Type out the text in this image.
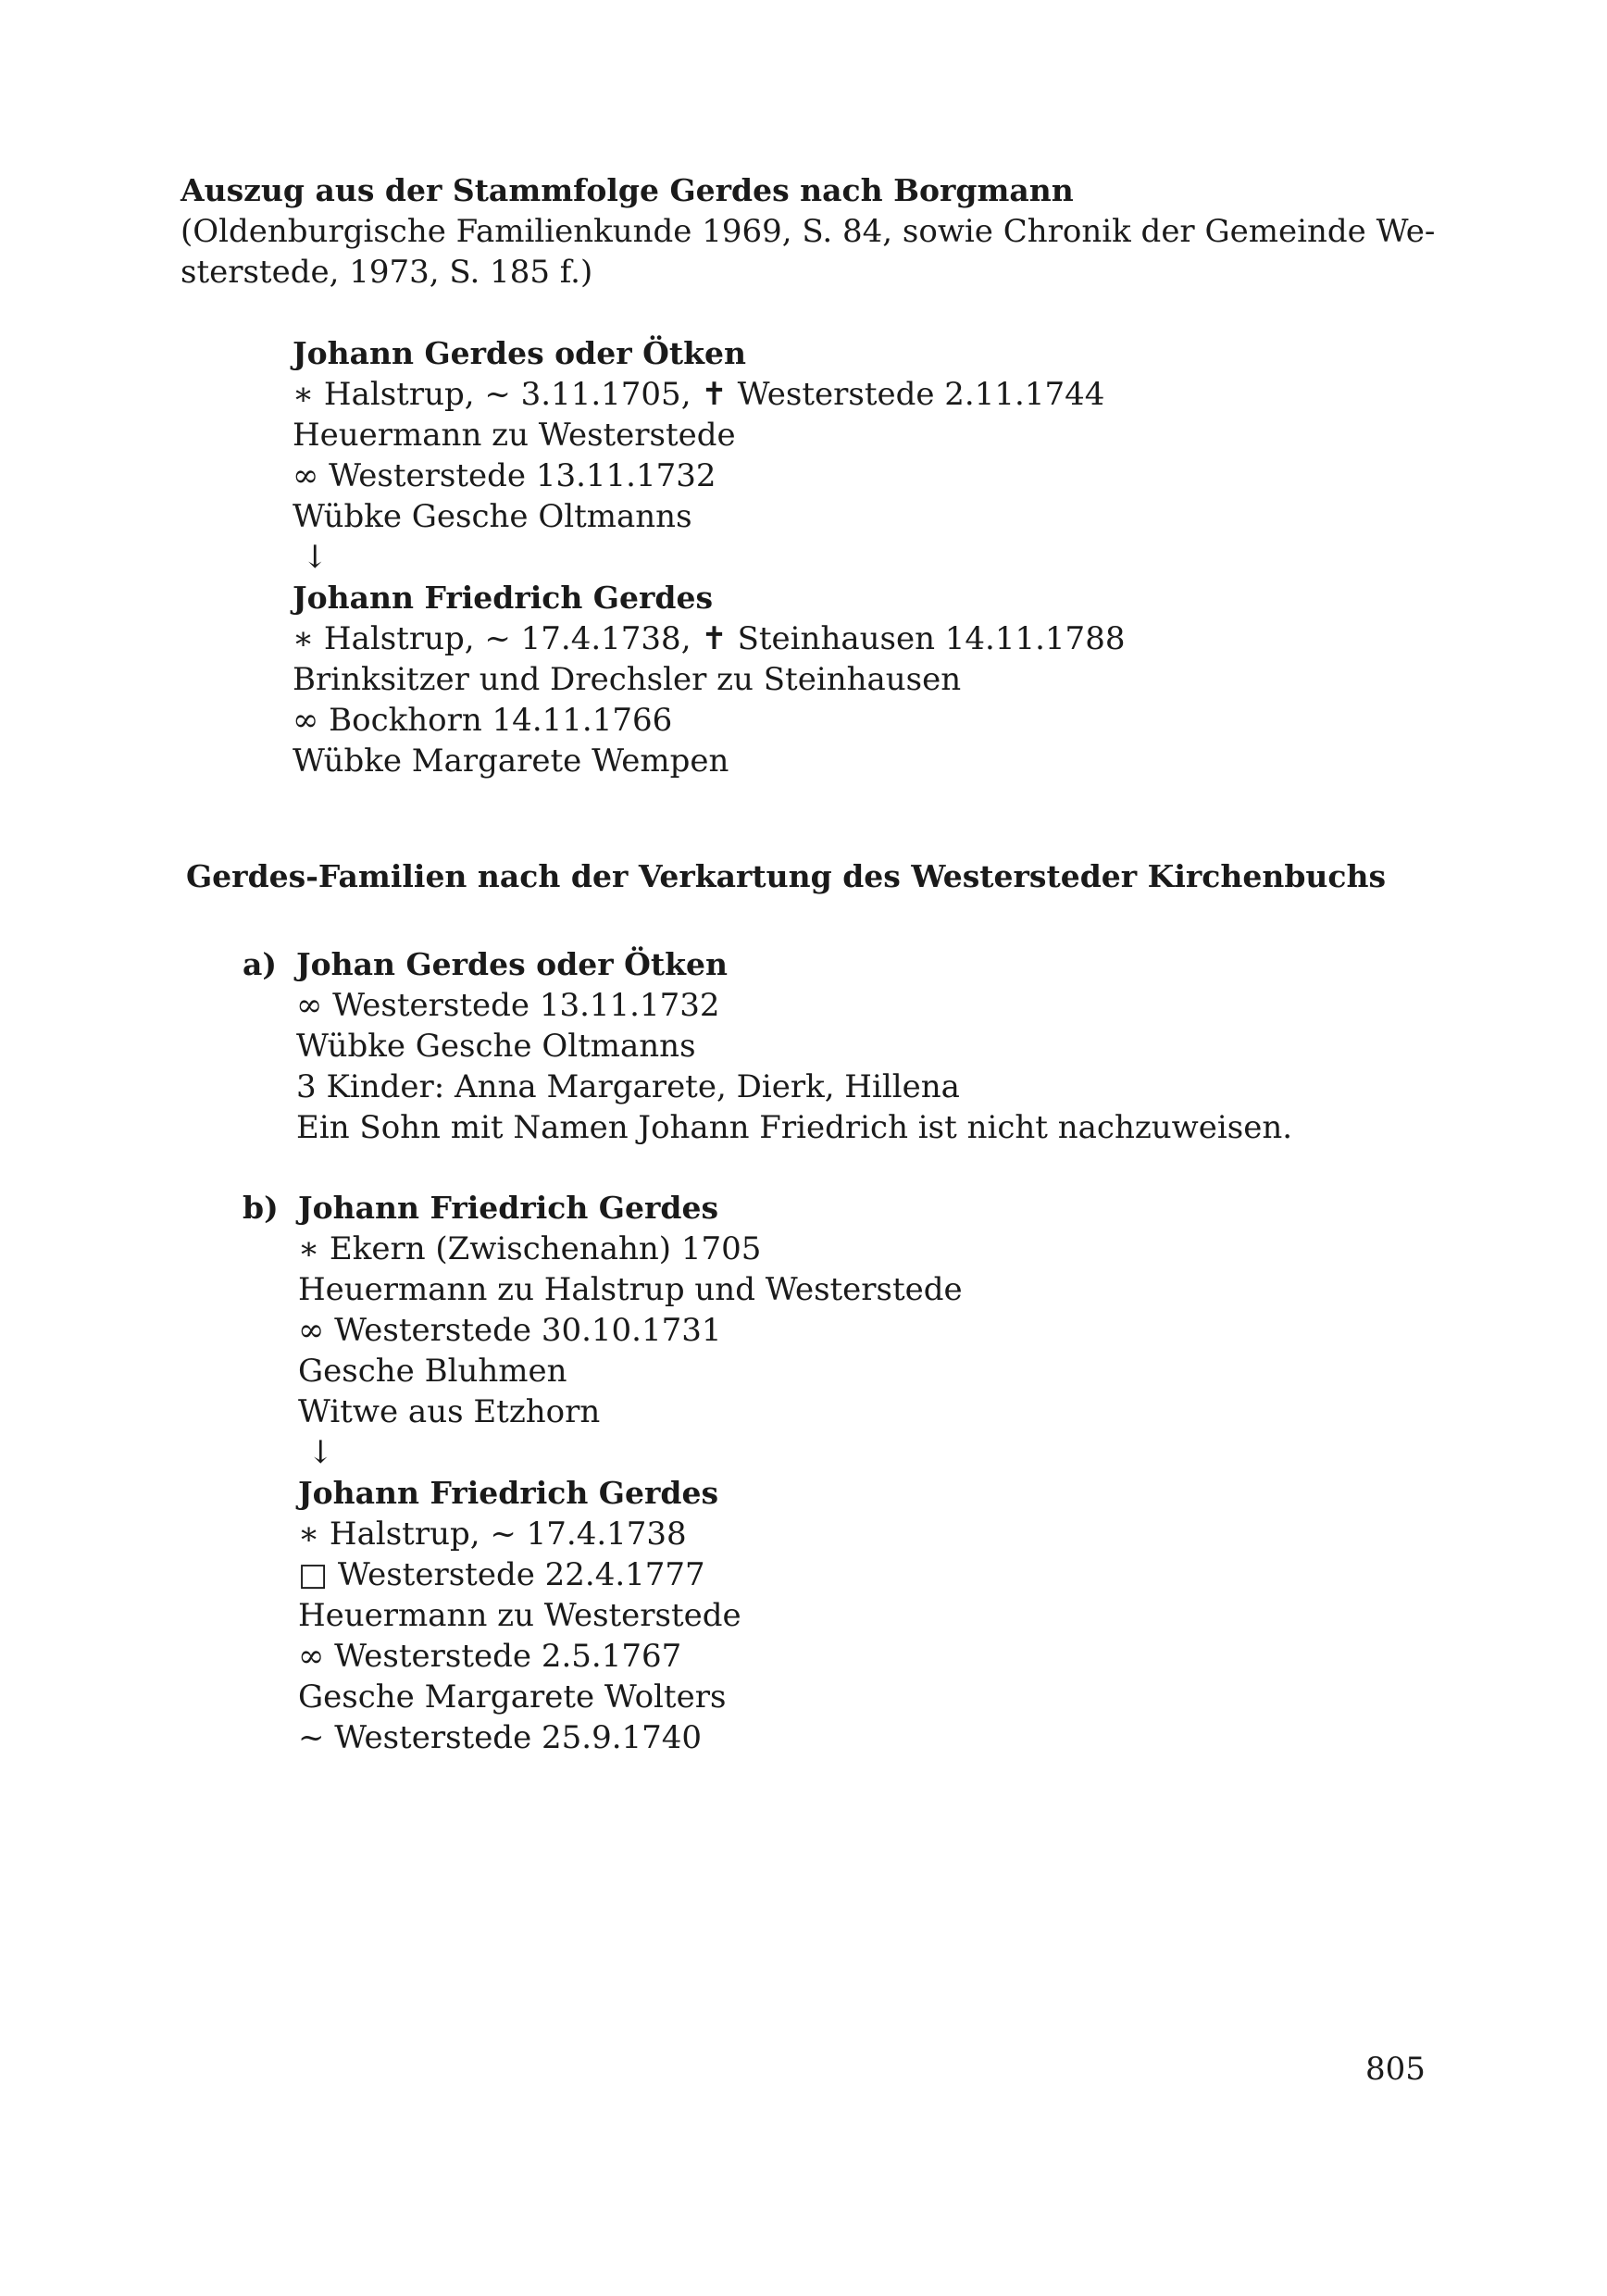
Auszug aus der Stammfolge Gerdes nach Borgmann
(Oldenburgische Familienkunde 1969, S. 84, sowie Chronik der Gemeinde We-
sterstede, 1973, S. 185 f.)
Johann Gerdes oder Ötken
∗ Halstrup, ~ 3.11.1705, ✝ Westerstede 2.11.1744
Heuermann zu Westerstede
∞ Westerstede 13.11.1732
Wübke Gesche Oltmanns
↓
Johann Friedrich Gerdes
∗ Halstrup, ~ 17.4.1738, ✝ Steinhausen 14.11.1788
Brinksitzer und Drechsler zu Steinhausen
∞ Bockhorn 14.11.1766
Wübke Margarete Wempen
Gerdes-Familien nach der Verkartung des Westersteder Kirchenbuchs
a) Johan Gerdes oder Ötken
∞ Westerstede 13.11.1732
Wübke Gesche Oltmanns
3 Kinder: Anna Margarete, Dierk, Hillena
Ein Sohn mit Namen Johann Friedrich ist nicht nachzuweisen.
b) Johann Friedrich Gerdes
∗ Ekern (Zwischenahn) 1705
Heuermann zu Halstrup und Westerstede
∞ Westerstede 30.10.1731
Gesche Bluhmen
Witwe aus Etzhorn
↓
Johann Friedrich Gerdes
∗ Halstrup, ~ 17.4.1738
□ Westerstede 22.4.1777
Heuermann zu Westerstede
∞ Westerstede 2.5.1767
Gesche Margarete Wolters
~ Westerstede 25.9.1740
805
